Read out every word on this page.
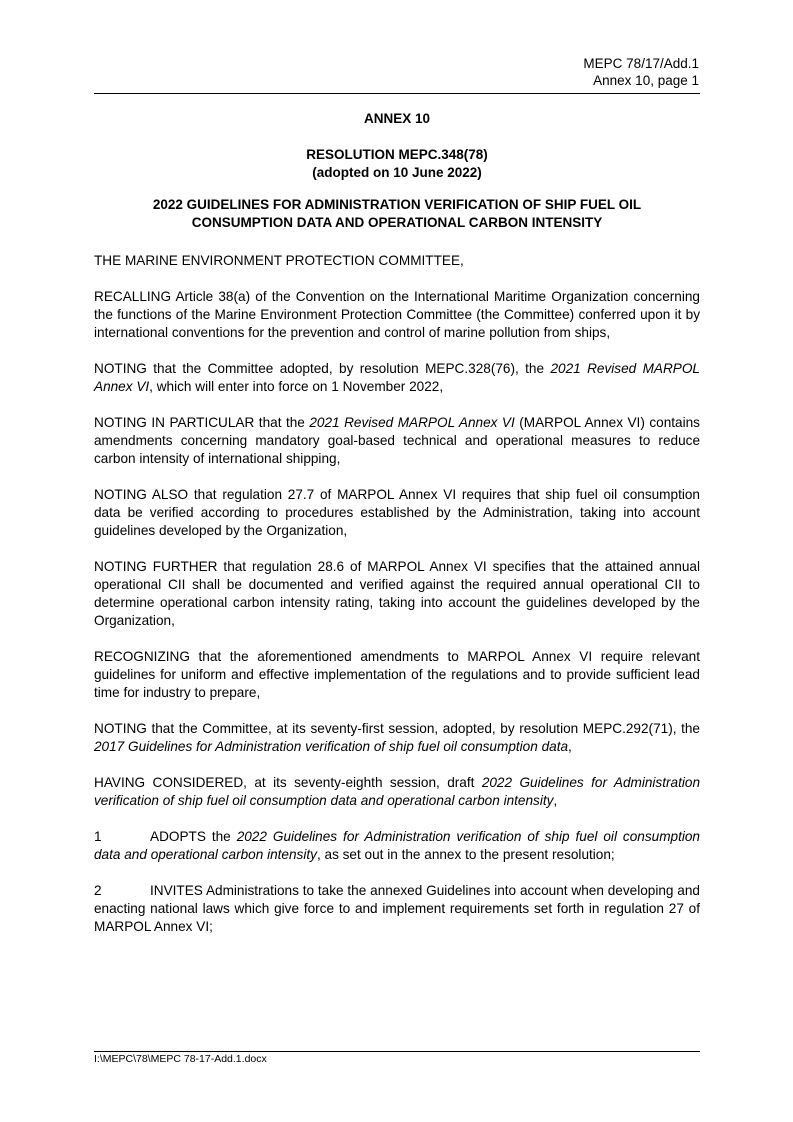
MEPC 78/17/Add.1
Annex 10, page 1
ANNEX 10
RESOLUTION MEPC.348(78)
(adopted on 10 June 2022)
2022 GUIDELINES FOR ADMINISTRATION VERIFICATION OF SHIP FUEL OIL
CONSUMPTION DATA AND OPERATIONAL CARBON INTENSITY

THE MARINE ENVIRONMENT PROTECTION COMMITTEE,

RECALLING Article 38(a) of the Convention on the International Maritime Organization concerning the functions of the Marine Environment Protection Committee (the Committee) conferred upon it by international conventions for the prevention and control of marine pollution from ships,

NOTING that the Committee adopted, by resolution MEPC.328(76), the 2021 Revised MARPOL Annex VI, which will enter into force on 1 November 2022,

NOTING IN PARTICULAR that the 2021 Revised MARPOL Annex VI (MARPOL Annex VI) contains amendments concerning mandatory goal-based technical and operational measures to reduce carbon intensity of international shipping,

NOTING ALSO that regulation 27.7 of MARPOL Annex VI requires that ship fuel oil consumption data be verified according to procedures established by the Administration, taking into account guidelines developed by the Organization,

NOTING FURTHER that regulation 28.6 of MARPOL Annex VI specifies that the attained annual operational CII shall be documented and verified against the required annual operational CII to determine operational carbon intensity rating, taking into account the guidelines developed by the Organization,

RECOGNIZING that the aforementioned amendments to MARPOL Annex VI require relevant guidelines for uniform and effective implementation of the regulations and to provide sufficient lead time for industry to prepare,

NOTING that the Committee, at its seventy-first session, adopted, by resolution MEPC.292(71), the 2017 Guidelines for Administration verification of ship fuel oil consumption data,

HAVING CONSIDERED, at its seventy-eighth session, draft 2022 Guidelines for Administration verification of ship fuel oil consumption data and operational carbon intensity,

1	ADOPTS the 2022 Guidelines for Administration verification of ship fuel oil consumption data and operational carbon intensity, as set out in the annex to the present resolution;

2	INVITES Administrations to take the annexed Guidelines into account when developing and enacting national laws which give force to and implement requirements set forth in regulation 27 of MARPOL Annex VI;

I:\MEPC\78\MEPC 78-17-Add.1.docx
